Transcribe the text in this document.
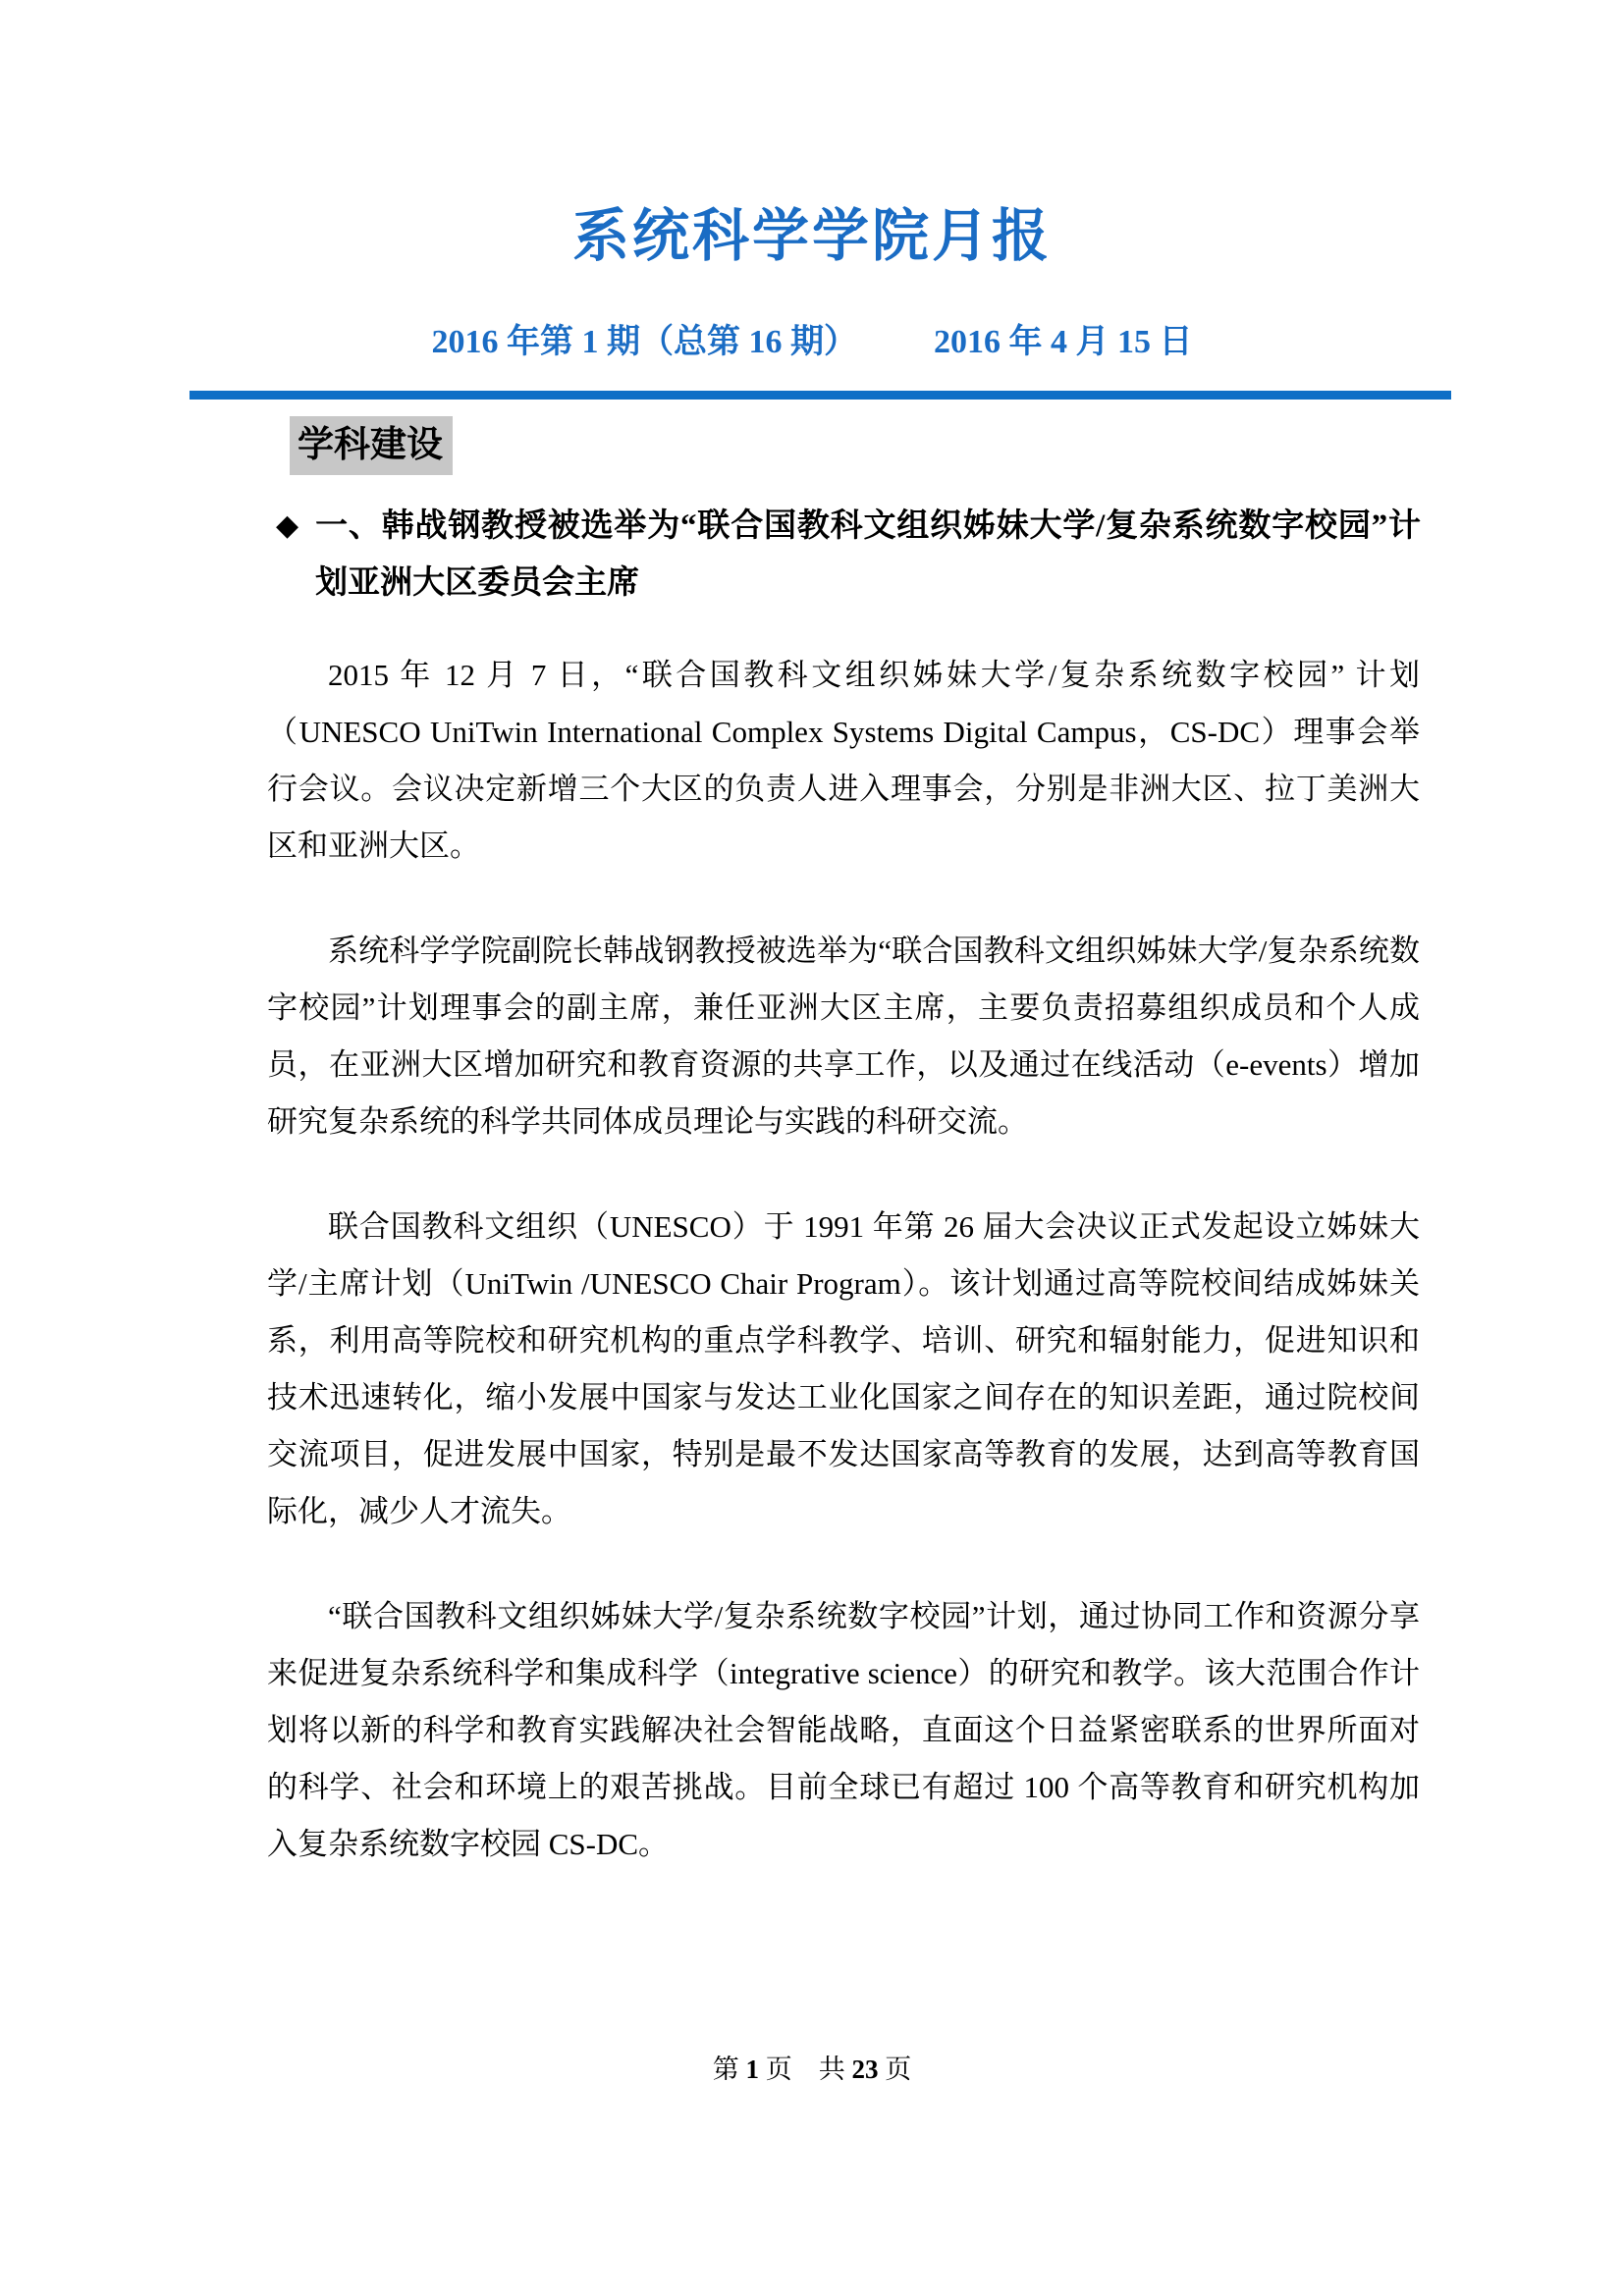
系统科学学院月报
2016 年第 1 期（总第 16 期） 2016 年 4 月 15 日
学科建设
◆ 一、韩战钢教授被选举为“联合国教科文组织姊妹大学/复杂系统数字校园”计划亚洲大区委员会主席

2015 年 12 月 7 日，“联合国教科文组织姊妹大学/复杂系统数字校园” 计划（UNESCO UniTwin International Complex Systems Digital Campus，CS-DC）理事会举行会议。会议决定新增三个大区的负责人进入理事会，分别是非洲大区、拉丁美洲大区和亚洲大区。

系统科学学院副院长韩战钢教授被选举为“联合国教科文组织姊妹大学/复杂系统数字校园”计划理事会的副主席，兼任亚洲大区主席，主要负责招募组织成员和个人成员，在亚洲大区增加研究和教育资源的共享工作，以及通过在线活动（e-events）增加研究复杂系统的科学共同体成员理论与实践的科研交流。

联合国教科文组织（UNESCO）于 1991 年第 26 届大会决议正式发起设立姊妹大学/主席计划（UniTwin /UNESCO Chair Program）。该计划通过高等院校间结成姊妹关系，利用高等院校和研究机构的重点学科教学、培训、研究和辐射能力，促进知识和技术迅速转化，缩小发展中国家与发达工业化国家之间存在的知识差距，通过院校间交流项目，促进发展中国家，特别是最不发达国家高等教育的发展，达到高等教育国际化，减少人才流失。

“联合国教科文组织姊妹大学/复杂系统数字校园”计划，通过协同工作和资源分享来促进复杂系统科学和集成科学（integrative science）的研究和教学。该大范围合作计划将以新的科学和教育实践解决社会智能战略，直面这个日益紧密联系的世界所面对的科学、社会和环境上的艰苦挑战。目前全球已有超过 100 个高等教育和研究机构加入复杂系统数字校园 CS-DC。

第 1 页　共 23 页
